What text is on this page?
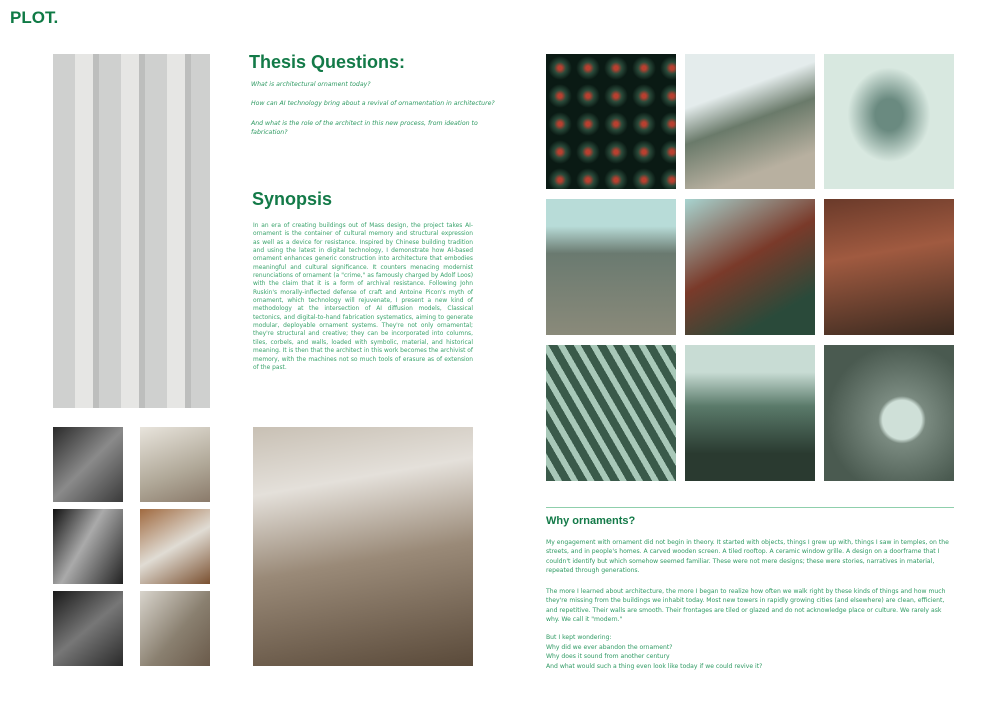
PLOT.
Thesis Questions:
What is architectural ornament today?
How can AI technology bring about a revival of ornamentation in architecture?
And what is the role of the architect in this new process, from ideation to fabrication?
Synopsis
In an era of creating buildings out of Mass design, the project takes AI-ornament is the container of cultural memory and structural expression as well as a device for resistance. Inspired by Chinese building tradition and using the latest in digital technology, I demonstrate how AI-based ornament enhances generic construction into architecture that embodies meaningful and cultural significance. It counters menacing modernist renunciations of ornament (a "crime," as famously charged by Adolf Loos) with the claim that it is a form of archival resistance. Following John Ruskin's morally-inflected defense of craft and Antoine Picon's myth of ornament, which technology will rejuvenate, I present a new kind of methodology at the intersection of AI diffusion models, Classical tectonics, and digital-to-hand fabrication systematics, aiming to generate modular, deployable ornament systems. They're not only ornamental; they're structural and creative; they can be incorporated into columns, tiles, corbels, and walls, loaded with symbolic, material, and historical meaning. It is then that the architect in this work becomes the archivist of memory, with the machines not so much tools of erasure as of extension of the past.
Why ornaments?
My engagement with ornament did not begin in theory. It started with objects, things I grew up with, things I saw in temples, on the streets, and in people's homes. A carved wooden screen. A tiled rooftop. A ceramic window grille. A design on a doorframe that I couldn't identify but which somehow seemed familiar. These were not mere designs; these were stories, narratives in material, repeated through generations.
The more I learned about architecture, the more I began to realize how often we walk right by these kinds of things and how much they're missing from the buildings we inhabit today. Most new towers in rapidly growing cities (and elsewhere) are clean, efficient, and repetitive. Their walls are smooth. Their frontages are tiled or glazed and do not acknowledge place or culture. We rarely ask why. We call it "modern."
But I kept wondering:
Why did we ever abandon the ornament?
Why does it sound from another century
And what would such a thing even look like today if we could revive it?
